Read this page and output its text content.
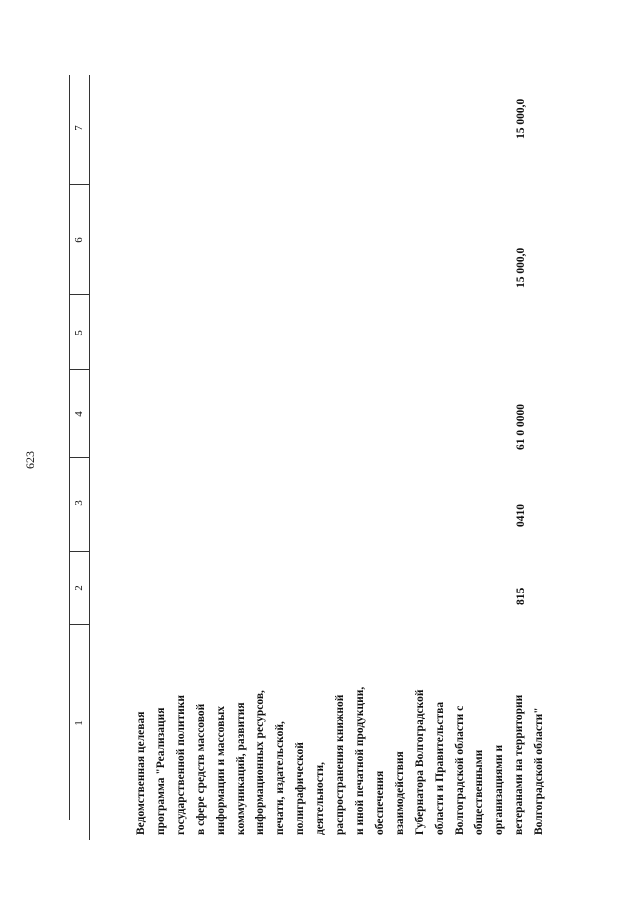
623
1
2
3
4
5
6
7
Ведомственная целевая программа "Реализация государственной политики в сфере средств массовой информации и массовых коммуникаций, развития информационных ресурсов, печати, издательской, полиграфической деятельности, распространения книжной и иной печатной продукции, обеспечения взаимодействия Губернатора Волгоградской области и Правительства Волгоградской области с общественными организациями и ветеранами на территории Волгоградской области"
815
0410
61 0 0000
15 000,0
15 000,0
